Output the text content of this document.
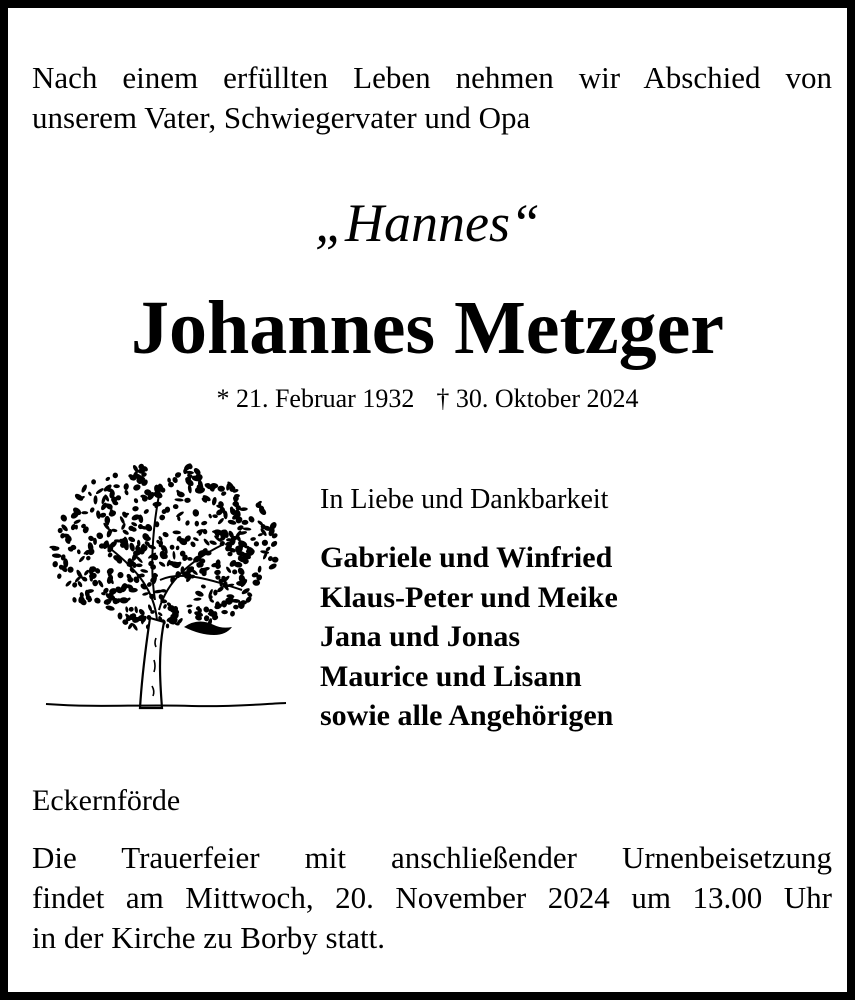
Nach einem erfüllten Leben nehmen wir Abschied von
unserem Vater, Schwiegervater und Opa
„Hannes“
Johannes Metzger
* 21. Februar 1932 † 30. Oktober 2024
In Liebe und Dankbarkeit
Gabriele und Winfried
Klaus-Peter und Meike
Jana und Jonas
Maurice und Lisann
sowie alle Angehörigen
Eckernförde
Die Trauerfeier mit anschließender Urnenbeisetzung
findet am Mittwoch, 20. November 2024 um 13.00 Uhr
in der Kirche zu Borby statt.
